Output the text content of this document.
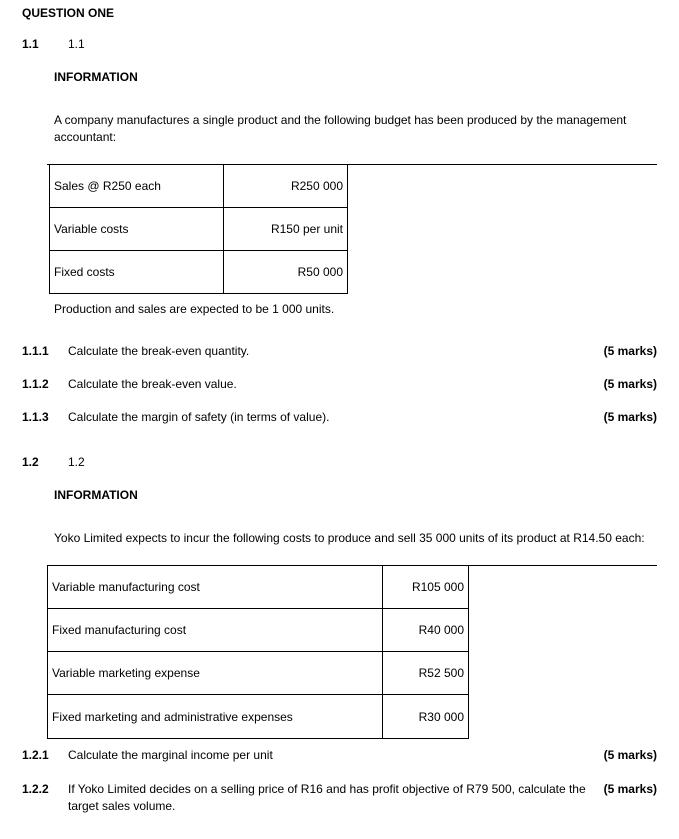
QUESTION ONE
1.1 1.1
INFORMATION
A company manufactures a single product and the following budget has been produced by the management
accountant:
Sales @ R250 each	R250 000
Variable costs	R150 per unit
Fixed costs	R50 000
Production and sales are expected to be 1 000 units.
1.1.1 Calculate the break-even quantity.	(5 marks)
1.1.2 Calculate the break-even value.	(5 marks)
1.1.3 Calculate the margin of safety (in terms of value).	(5 marks)
1.2 1.2
INFORMATION
Yoko Limited expects to incur the following costs to produce and sell 35 000 units of its product at R14.50 each:
Variable manufacturing cost	R105 000
Fixed manufacturing cost	R40 000
Variable marketing expense	R52 500
Fixed marketing and administrative expenses	R30 000
1.2.1 Calculate the marginal income per unit	(5 marks)
1.2.2 If Yoko Limited decides on a selling price of R16 and has profit objective of R79 500, calculate the
target sales volume.
(5 marks)
